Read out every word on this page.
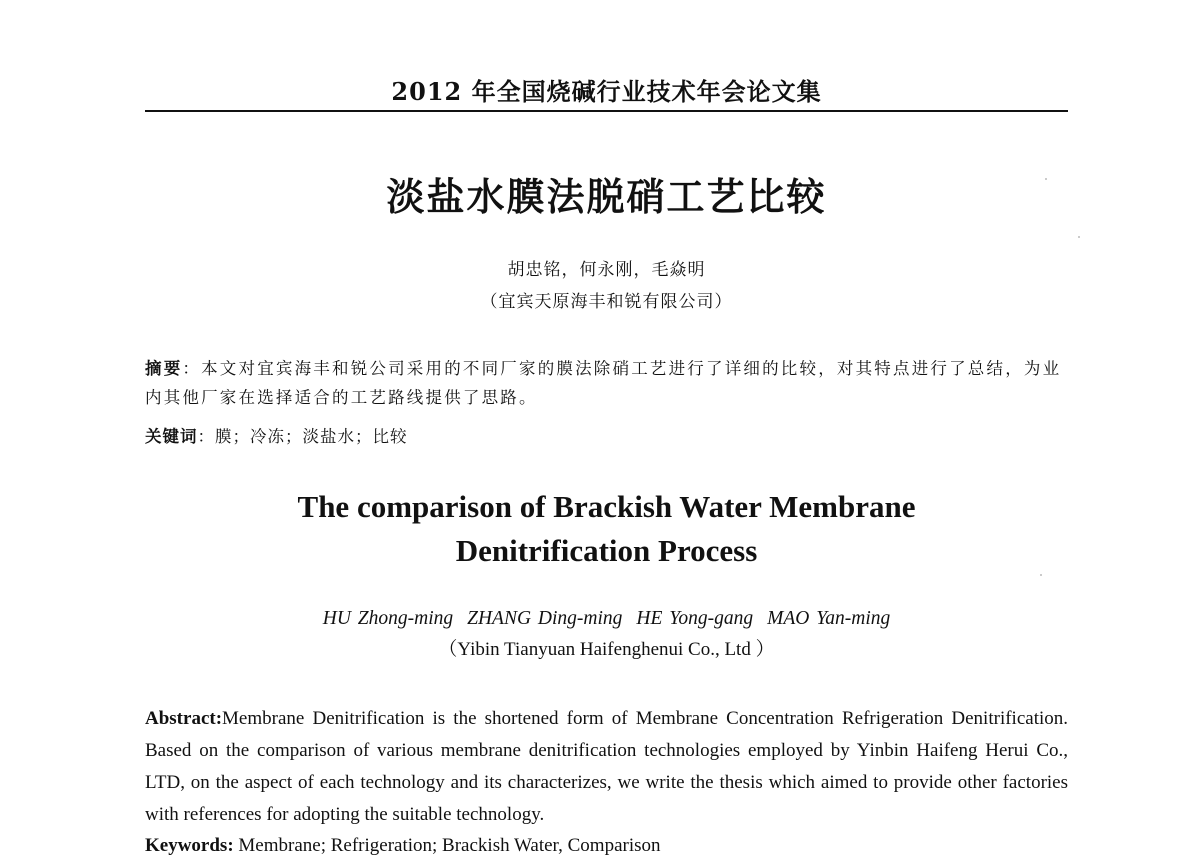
2012 年全国烧碱行业技术年会论文集
淡盐水膜法脱硝工艺比较
胡忠铭，何永刚，毛焱明
（宜宾天原海丰和锐有限公司）
摘要：本文对宜宾海丰和锐公司采用的不同厂家的膜法除硝工艺进行了详细的比较，对其特点进行了总结，为业内其他厂家在选择适合的工艺路线提供了思路。
关键词：膜；冷冻；淡盐水；比较
The comparison of Brackish Water Membrane
Denitrification Process
HU Zhong-ming ZHANG Ding-ming HE Yong-gang MAO Yan-ming
（Yibin Tianyuan Haifenghenui Co., Ltd ）
Abstract:Membrane Denitrification is the shortened form of Membrane Concentration Refrigeration Denitrification. Based on the comparison of various membrane denitrification technologies employed by Yinbin Haifeng Herui Co., LTD, on the aspect of each technology and its characterizes, we write the thesis which aimed to provide other factories with references for adopting the suitable technology.
Keywords: Membrane; Refrigeration; Brackish Water, Comparison
